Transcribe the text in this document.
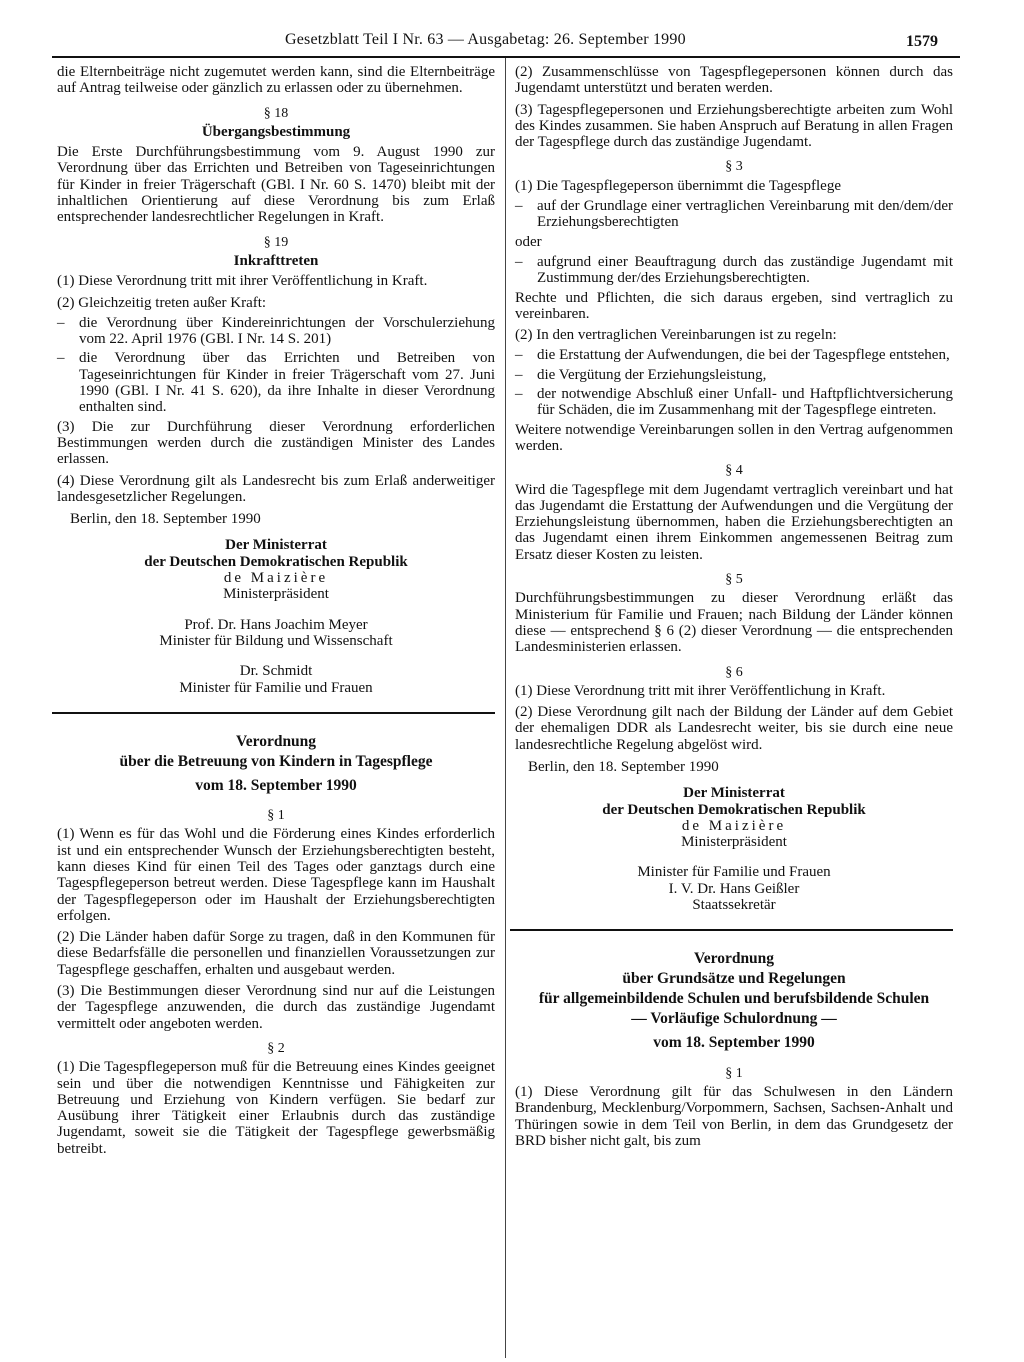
Gesetzblatt Teil I Nr. 63 — Ausgabetag: 26. September 1990	1579

die Elternbeiträge nicht zugemutet werden kann, sind die Elternbeiträge auf Antrag teilweise oder gänzlich zu erlassen oder zu übernehmen.

§ 18
Übergangsbestimmung

Die Erste Durchführungsbestimmung vom 9. August 1990 zur Verordnung über das Errichten und Betreiben von Tageseinrichtungen für Kinder in freier Trägerschaft (GBl. I Nr. 60 S. 1470) bleibt mit der inhaltlichen Orientierung auf diese Verordnung bis zum Erlaß entsprechender landesrechtlicher Regelungen in Kraft.

§ 19
Inkrafttreten

(1) Diese Verordnung tritt mit ihrer Veröffentlichung in Kraft.

(2) Gleichzeitig treten außer Kraft:

– die Verordnung über Kindereinrichtungen der Vorschulerziehung vom 22. April 1976 (GBl. I Nr. 14 S. 201)
– die Verordnung über das Errichten und Betreiben von Tageseinrichtungen für Kinder in freier Trägerschaft vom 27. Juni 1990 (GBl. I Nr. 41 S. 620), da ihre Inhalte in dieser Verordnung enthalten sind.

(3) Die zur Durchführung dieser Verordnung erforderlichen Bestimmungen werden durch die zuständigen Minister des Landes erlassen.

(4) Diese Verordnung gilt als Landesrecht bis zum Erlaß anderweitiger landesgesetzlicher Regelungen.

Berlin, den 18. September 1990
Der Ministerrat
der Deutschen Demokratischen Republik
de Maizière
Ministerpräsident
Prof. Dr. Hans Joachim Meyer
Minister für Bildung und Wissenschaft
Dr. Schmidt
Minister für Familie und Frauen
Verordnung
über die Betreuung von Kindern in Tagespflege
vom 18. September 1990
§ 1

(1) Wenn es für das Wohl und die Förderung eines Kindes erforderlich ist und ein entsprechender Wunsch der Erziehungsberechtigten besteht, kann dieses Kind für einen Teil des Tages oder ganztags durch eine Tagespflegeperson betreut werden. Diese Tagespflege kann im Haushalt der Tagespflegeperson oder im Haushalt der Erziehungsberechtigten erfolgen.

(2) Die Länder haben dafür Sorge zu tragen, daß in den Kommunen für diese Bedarfsfälle die personellen und finanziellen Voraussetzungen zur Tagespflege geschaffen, erhalten und ausgebaut werden.

(3) Die Bestimmungen dieser Verordnung sind nur auf die Leistungen der Tagespflege anzuwenden, die durch das zuständige Jugendamt vermittelt oder angeboten werden.

§ 2

(1) Die Tagespflegeperson muß für die Betreuung eines Kindes geeignet sein und über die notwendigen Kenntnisse und Fähigkeiten zur Betreuung und Erziehung von Kindern verfügen. Sie bedarf zur Ausübung ihrer Tätigkeit einer Erlaubnis durch das zuständige Jugendamt, soweit sie die Tätigkeit der Tagespflege gewerbsmäßig betreibt.

(2) Zusammenschlüsse von Tagespflegepersonen können durch das Jugendamt unterstützt und beraten werden.

(3) Tagespflegepersonen und Erziehungsberechtigte arbeiten zum Wohl des Kindes zusammen. Sie haben Anspruch auf Beratung in allen Fragen der Tagespflege durch das zuständige Jugendamt.

§ 3

(1) Die Tagespflegeperson übernimmt die Tagespflege

– auf der Grundlage einer vertraglichen Vereinbarung mit den/dem/der Erziehungsberechtigten
oder
– aufgrund einer Beauftragung durch das zuständige Jugendamt mit Zustimmung der/des Erziehungsberechtigten.

Rechte und Pflichten, die sich daraus ergeben, sind vertraglich zu vereinbaren.

(2) In den vertraglichen Vereinbarungen ist zu regeln:

– die Erstattung der Aufwendungen, die bei der Tagespflege entstehen,
– die Vergütung der Erziehungsleistung,
– der notwendige Abschluß einer Unfall- und Haftpflichtversicherung für Schäden, die im Zusammenhang mit der Tagespflege eintreten.

Weitere notwendige Vereinbarungen sollen in den Vertrag aufgenommen werden.

§ 4

Wird die Tagespflege mit dem Jugendamt vertraglich vereinbart und hat das Jugendamt die Erstattung der Aufwendungen und die Vergütung der Erziehungsleistung übernommen, haben die Erziehungsberechtigten an das Jugendamt einen ihrem Einkommen angemessenen Beitrag zum Ersatz dieser Kosten zu leisten.

§ 5

Durchführungsbestimmungen zu dieser Verordnung erläßt das Ministerium für Familie und Frauen; nach Bildung der Länder können diese — entsprechend § 6 (2) dieser Verordnung — die entsprechenden Landesministerien erlassen.

§ 6

(1) Diese Verordnung tritt mit ihrer Veröffentlichung in Kraft.

(2) Diese Verordnung gilt nach der Bildung der Länder auf dem Gebiet der ehemaligen DDR als Landesrecht weiter, bis sie durch eine neue landesrechtliche Regelung abgelöst wird.

Berlin, den 18. September 1990
Der Ministerrat
der Deutschen Demokratischen Republik
de Maizière
Ministerpräsident
Minister für Familie und Frauen
I. V. Dr. Hans Geißler
Staatssekretär
Verordnung
über Grundsätze und Regelungen
für allgemeinbildende Schulen und berufsbildende Schulen
— Vorläufige Schulordnung —
vom 18. September 1990
§ 1

(1) Diese Verordnung gilt für das Schulwesen in den Ländern Brandenburg, Mecklenburg/Vorpommern, Sachsen, Sachsen-Anhalt und Thüringen sowie in dem Teil von Berlin, in dem das Grundgesetz der BRD bisher nicht galt, bis zum
